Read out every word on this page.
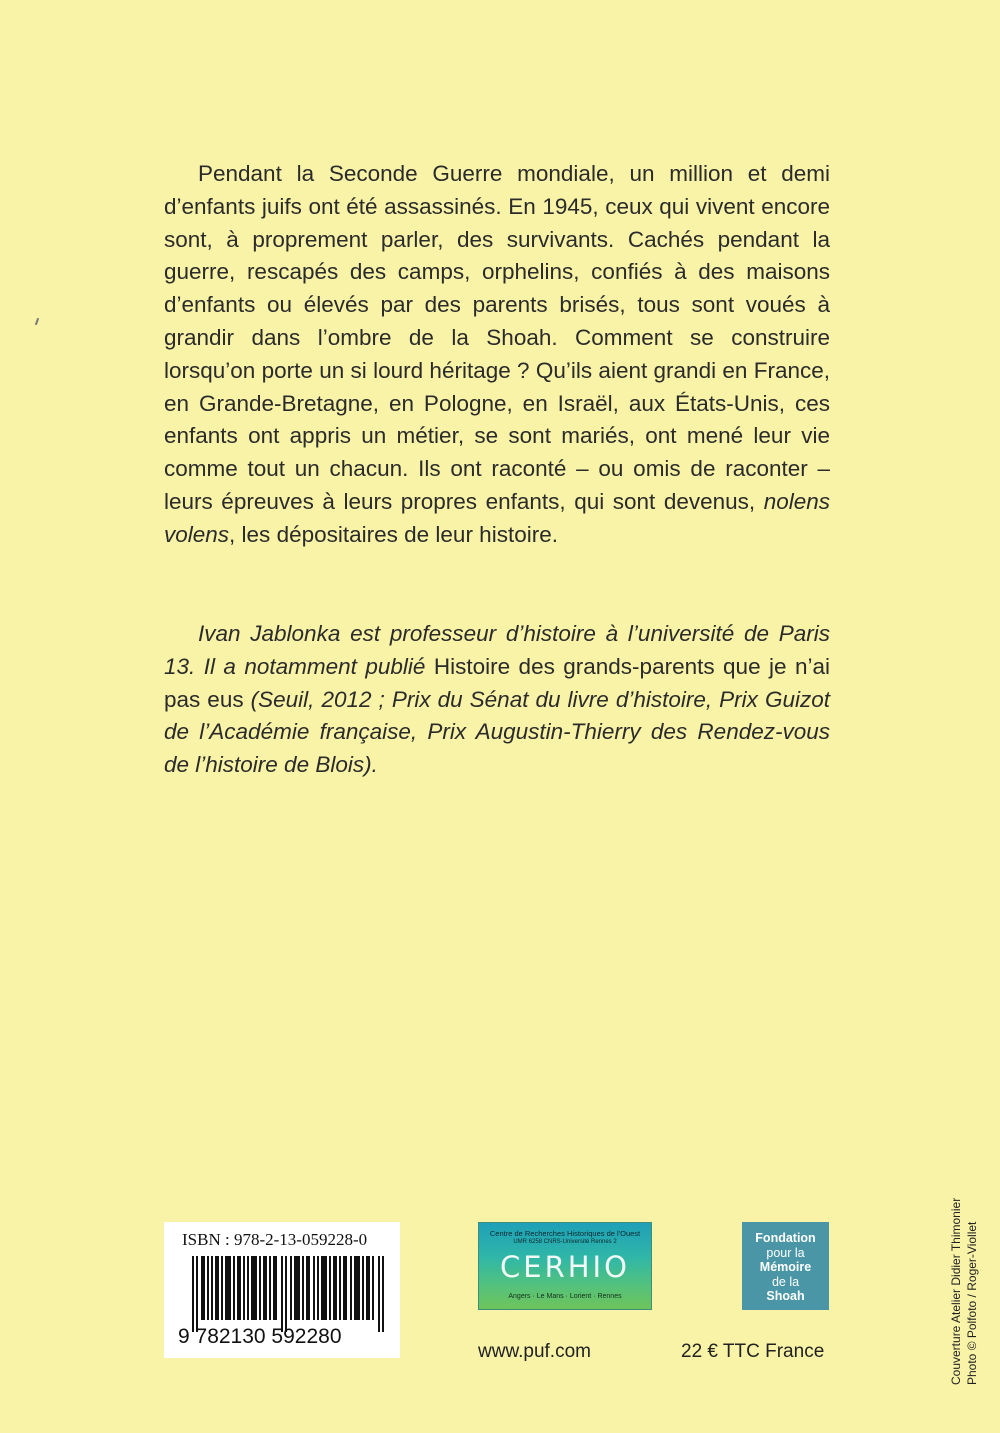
Pendant la Seconde Guerre mondiale, un million et demi d’enfants juifs ont été assassinés. En 1945, ceux qui vivent encore sont, à proprement parler, des survivants. Cachés pendant la guerre, rescapés des camps, orphelins, confiés à des maisons d’enfants ou élevés par des parents brisés, tous sont voués à grandir dans l’ombre de la Shoah. Comment se construire lorsqu’on porte un si lourd héritage ? Qu’ils aient grandi en France, en Grande-Bretagne, en Pologne, en Israël, aux États-Unis, ces enfants ont appris un métier, se sont mariés, ont mené leur vie comme tout un chacun. Ils ont raconté – ou omis de raconter – leurs épreuves à leurs propres enfants, qui sont devenus, nolens volens, les dépositaires de leur histoire.

Ivan Jablonka est professeur d’histoire à l’université de Paris 13. Il a notamment publié Histoire des grands-parents que je n’ai pas eus (Seuil, 2012 ; Prix du Sénat du livre d’histoire, Prix Guizot de l’Académie française, Prix Augustin-Thierry des Rendez-vous de l’histoire de Blois).

ISBN : 978-2-13-059228-0
9 782130 592280
Centre de Recherches Historiques de l'Ouest
UMR 6258 CNRS-Université Rennes 2
CERHIO
Angers · Le Mans · Lorient · Rennes
Fondation
pour la
Mémoire
de la
Shoah
www.puf.com	22 € TTC France	Couverture Atelier Didier Thimonier Photo © Polfoto / Roger-Viollet
